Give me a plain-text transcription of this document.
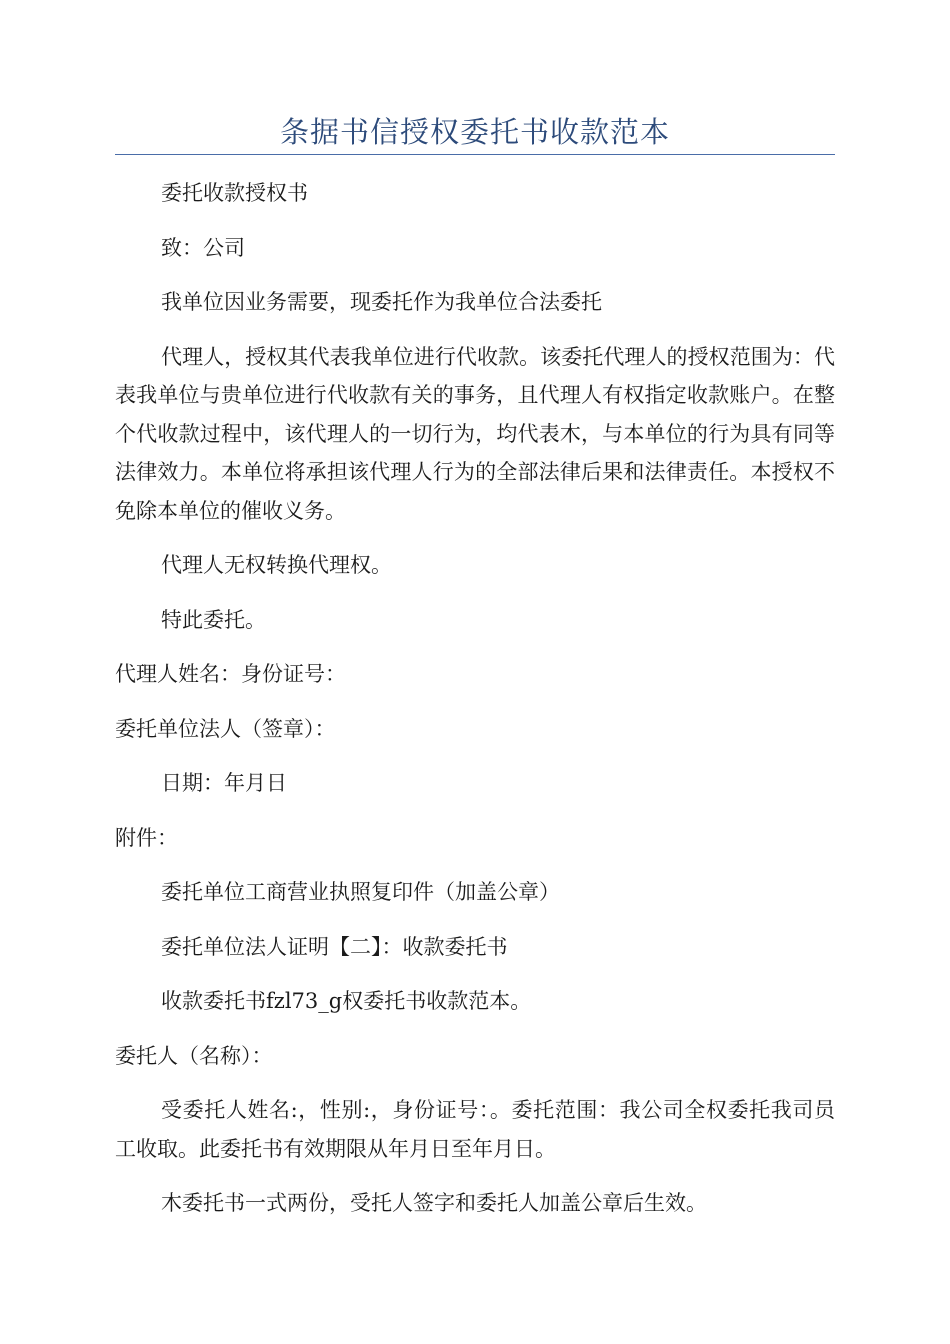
条据书信授权委托书收款范本

委托收款授权书

致：公司

我单位因业务需要，现委托作为我单位合法委托

代理人，授权其代表我单位进行代收款。该委托代理人的授权范围为：代表我单位与贵单位进行代收款有关的事务，且代理人有权指定收款账户。在整个代收款过程中，该代理人的一切行为，均代表木，与本单位的行为具有同等法律效力。本单位将承担该代理人行为的全部法律后果和法律责任。本授权不免除本单位的催收义务。

代理人无权转换代理权。

特此委托。

代理人姓名：身份证号：

委托单位法人（签章）：

日期：年月日

附件：

委托单位工商营业执照复印件（加盖公章）

委托单位法人证明【二】：收款委托书

收款委托书fzl73_g权委托书收款范本。

委托人（名称）：

受委托人姓名:，性别:，身份证号：。委托范围：我公司全权委托我司员工收取。此委托书有效期限从年月日至年月日。

木委托书一式两份，受托人签字和委托人加盖公章后生效。
